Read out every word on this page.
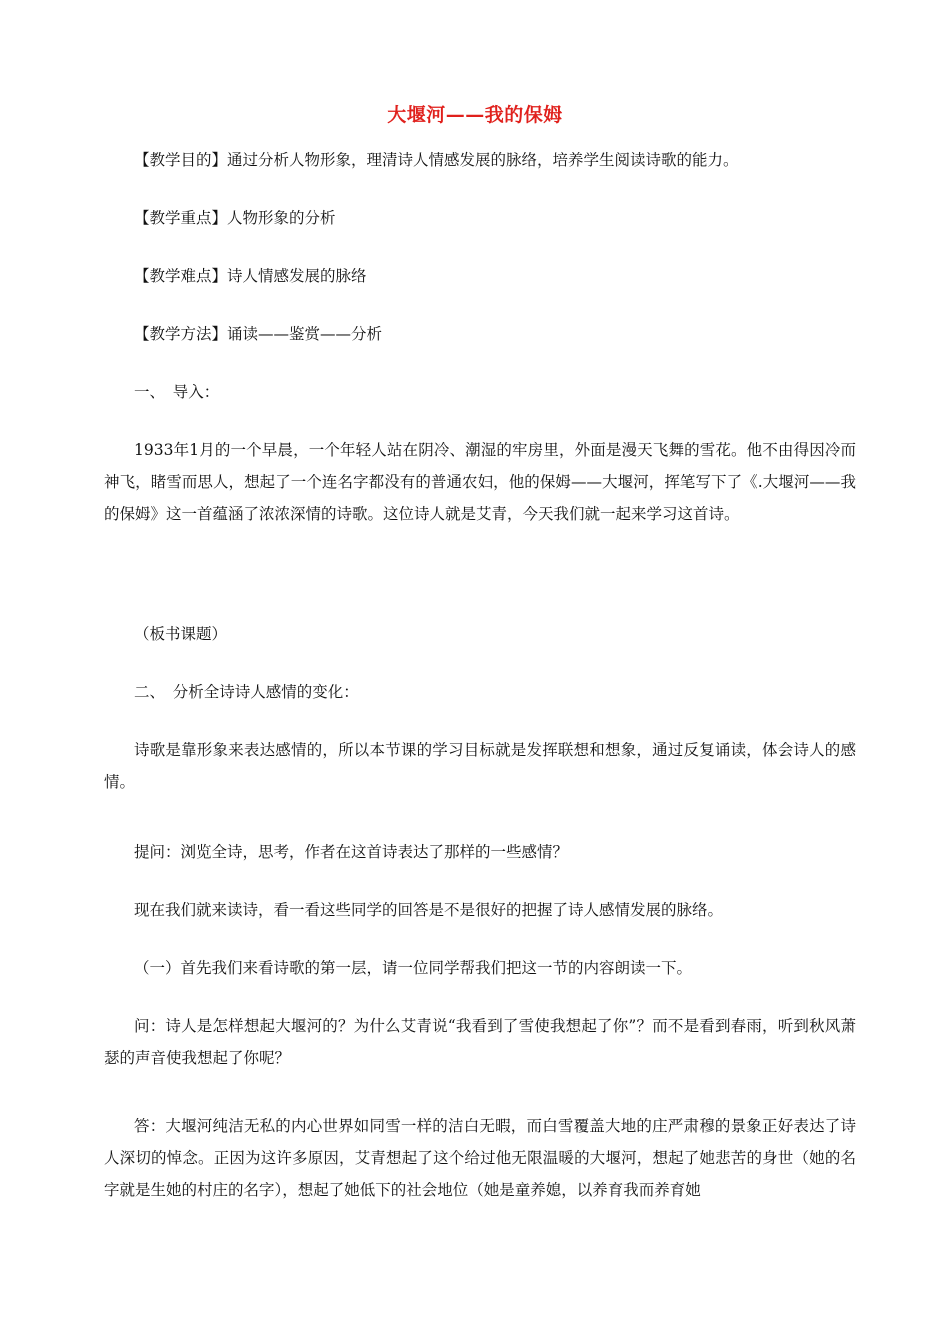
大堰河——我的保姆
【教学目的】通过分析人物形象，理清诗人情感发展的脉络，培养学生阅读诗歌的能力。
【教学重点】人物形象的分析
【教学难点】诗人情感发展的脉络
【教学方法】诵读——鉴赏——分析
一、　导入：
1933年1月的一个早晨，一个年轻人站在阴冷、潮湿的牢房里，外面是漫天飞舞的雪花。他不由得因冷而神飞，睹雪而思人，想起了一个连名字都没有的普通农妇，他的保姆——大堰河，挥笔写下了《.大堰河——我的保姆》这一首蕴涵了浓浓深情的诗歌。这位诗人就是艾青，今天我们就一起来学习这首诗。
（板书课题）
二、　分析全诗诗人感情的变化：
诗歌是靠形象来表达感情的，所以本节课的学习目标就是发挥联想和想象，通过反复诵读，体会诗人的感情。
提问：浏览全诗，思考，作者在这首诗表达了那样的一些感情？
现在我们就来读诗，看一看这些同学的回答是不是很好的把握了诗人感情发展的脉络。
（一）首先我们来看诗歌的第一层，请一位同学帮我们把这一节的内容朗读一下。
问：诗人是怎样想起大堰河的？为什么艾青说“我看到了雪使我想起了你”？而不是看到春雨，听到秋风萧瑟的声音使我想起了你呢？
答：大堰河纯洁无私的内心世界如同雪一样的洁白无暇，而白雪覆盖大地的庄严肃穆的景象正好表达了诗人深切的悼念。正因为这许多原因，艾青想起了这个给过他无限温暖的大堰河，想起了她悲苦的身世（她的名字就是生她的村庄的名字），想起了她低下的社会地位（她是童养媳，以养育我而养育她
